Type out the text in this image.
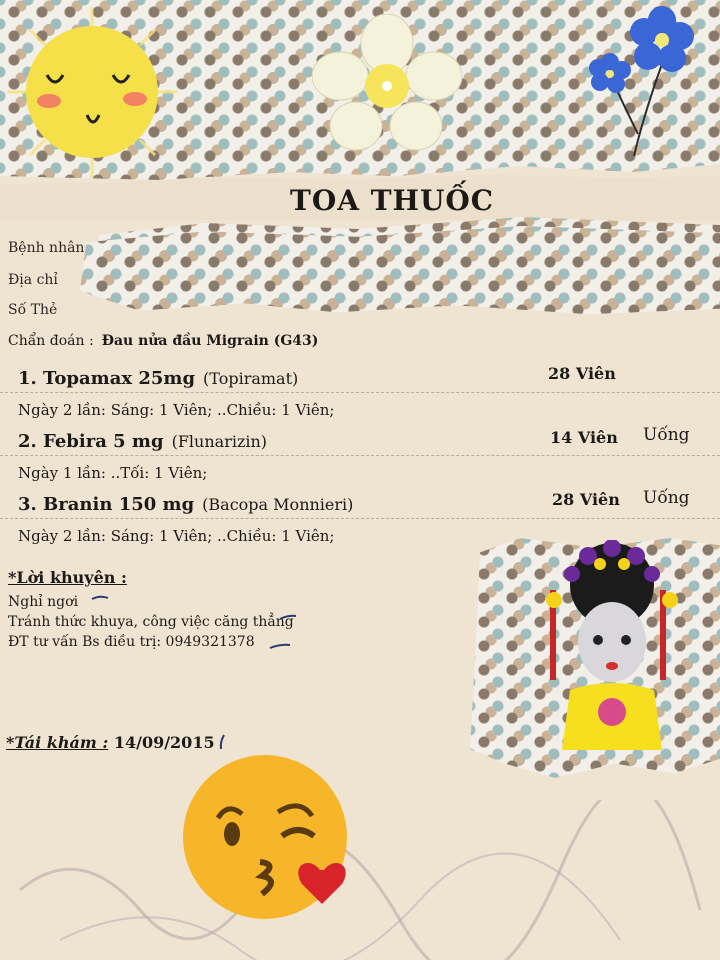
TOA THUỐC
Bệnh nhân
Địa chỉ
Số Thẻ
Chẩn đoán : Đau nửa đầu Migrain (G43)
1. Topamax 25mg (Topiramat)	28 Viên
Ngày 2 lần: Sáng: 1 Viên; ..Chiều: 1 Viên;
2. Febira 5 mg (Flunarizin)	14 Viên Uống
Ngày 1 lần: ..Tối: 1 Viên;
3. Branin 150 mg (Bacopa Monnieri)	28 Viên Uống
Ngày 2 lần: Sáng: 1 Viên; ..Chiều: 1 Viên;
*Lời khuyên :
Nghỉ ngơi
Tránh thức khuya, công việc căng thẳng
ĐT tư vấn Bs điều trị: 0949321378
*Tái khám : 14/09/2015
